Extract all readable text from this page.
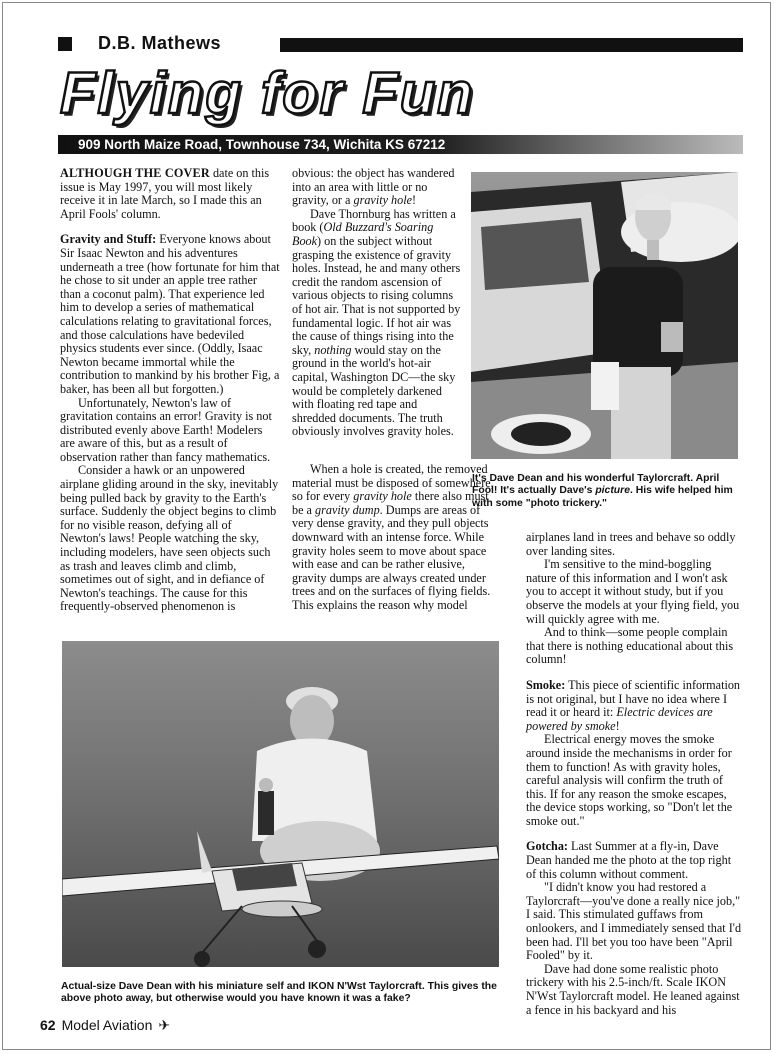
D.B. Mathews
Flying for Fun
909 North Maize Road, Townhouse 734, Wichita KS 67212

ALTHOUGH THE COVER date on this issue is May 1997, you will most likely receive it in late March, so I made this an April Fools' column.

Gravity and Stuff: Everyone knows about Sir Isaac Newton and his adventures underneath a tree (how fortunate for him that he chose to sit under an apple tree rather than a coconut palm). That experience led him to develop a series of mathematical calculations relating to gravitational forces, and those calculations have bedeviled physics students ever since. (Oddly, Isaac Newton became immortal while the contribution to mankind by his brother Fig, a baker, has been all but forgotten.)

Unfortunately, Newton's law of gravitation contains an error! Gravity is not distributed evenly above Earth! Modelers are aware of this, but as a result of observation rather than fancy mathematics.

Consider a hawk or an unpowered airplane gliding around in the sky, inevitably being pulled back by gravity to the Earth's surface. Suddenly the object begins to climb for no visible reason, defying all of Newton's laws! People watching the sky, including modelers, have seen objects such as trash and leaves climb and climb, sometimes out of sight, and in defiance of Newton's teachings. The cause for this frequently-observed phenomenon is

obvious: the object has wandered into an area with little or no gravity, or a gravity hole!

Dave Thornburg has written a book (Old Buzzard's Soaring Book) on the subject without grasping the existence of gravity holes. Instead, he and many others credit the random ascension of various objects to rising columns of hot air. That is not supported by fundamental logic. If hot air was the cause of things rising into the sky, nothing would stay on the ground in the world's hot-air capital, Washington DC—the sky would be completely darkened with floating red tape and shredded documents. The truth obviously involves gravity holes.

When a hole is created, the removed material must be disposed of somewhere, so for every gravity hole there also must be a gravity dump. Dumps are areas of very dense gravity, and they pull objects downward with an intense force. While gravity holes seem to move about space with ease and can be rather elusive, gravity dumps are always created under trees and on the surfaces of flying fields. This explains the reason why model

It's Dave Dean and his wonderful Taylorcraft. April Fool! It's actually Dave's picture. His wife helped him with some "photo trickery."

airplanes land in trees and behave so oddly over landing sites.

I'm sensitive to the mind-boggling nature of this information and I won't ask you to accept it without study, but if you observe the models at your flying field, you will quickly agree with me.

And to think—some people complain that there is nothing educational about this column!

Smoke: This piece of scientific information is not original, but I have no idea where I read it or heard it: Electric devices are powered by smoke!

Electrical energy moves the smoke around inside the mechanisms in order for them to function! As with gravity holes, careful analysis will confirm the truth of this. If for any reason the smoke escapes, the device stops working, so "Don't let the smoke out."

Gotcha: Last Summer at a fly-in, Dave Dean handed me the photo at the top right of this column without comment.

"I didn't know you had restored a Taylorcraft—you've done a really nice job," I said. This stimulated guffaws from onlookers, and I immediately sensed that I'd been had. I'll bet you too have been "April Fooled" by it.

Dave had done some realistic photo trickery with his 2.5-inch/ft. Scale IKON N'Wst Taylorcraft model. He leaned against a fence in his backyard and his

Actual-size Dave Dean with his miniature self and IKON N'Wst Taylorcraft. This gives the above photo away, but otherwise would you have known it was a fake?
62 Model Aviation ✈
